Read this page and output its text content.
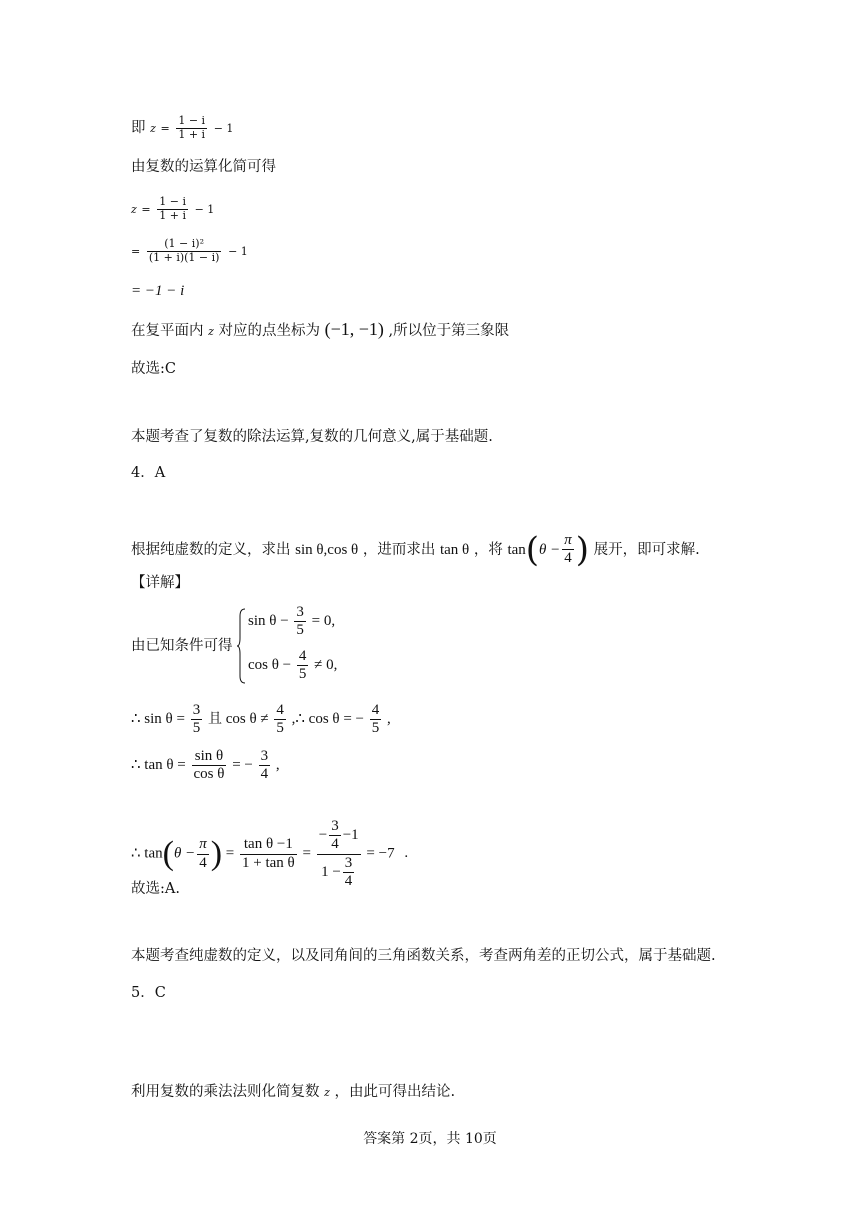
即 $z = \frac{1 - i}{1 + i} - 1$
由复数的运算化简可得
$z = \frac{1 - i}{1 + i} - 1$
= $\frac{\text{(1 − i)²}}{(1 + i)(1 - i)} - 1$
= −1 − i
在复平面内 z 对应的点坐标为 (−1, −1) ,所以位于第三象限
故选:C
本题考查了复数的除法运算,复数的几何意义,属于基础题.
4．A
根据纯虚数的定义，求出 sin θ,cos θ ，进而求出 tan θ ，将 $\tan(\theta - \frac{\pi}{4}$ ) 展开，即可求解.
【详解】
由已知条件可得
$\sin \theta - \frac{3}{5} = 0$,
$\cos \theta - \frac{4}{5} \ne 0$,
∴ $\sin \theta = \frac{3}{5}$ 且 $\cos \theta \ne \frac{4}{5}$ ,∴ cos θ = − $\frac{4}{5}$ ,
∴ $\tan \theta = \frac{\text{sin θ}}{\text{cos θ}}$ = − $\frac{3}{4}$ ,
∴ $\tan(\theta - \frac{\pi}{4}$ ) = $\frac{\text{tan θ −1}}{\text{1 + tan θ}} = \frac{- \frac{3}{4} -1}{1 - \frac{3}{4}} = -7$ .
故选:A.
本题考查纯虚数的定义，以及同角间的三角函数关系，考查两角差的正切公式，属于基础题.
5．C
利用复数的乘法法则化简复数 z ，由此可得出结论.
答案第 2页，共 10页
